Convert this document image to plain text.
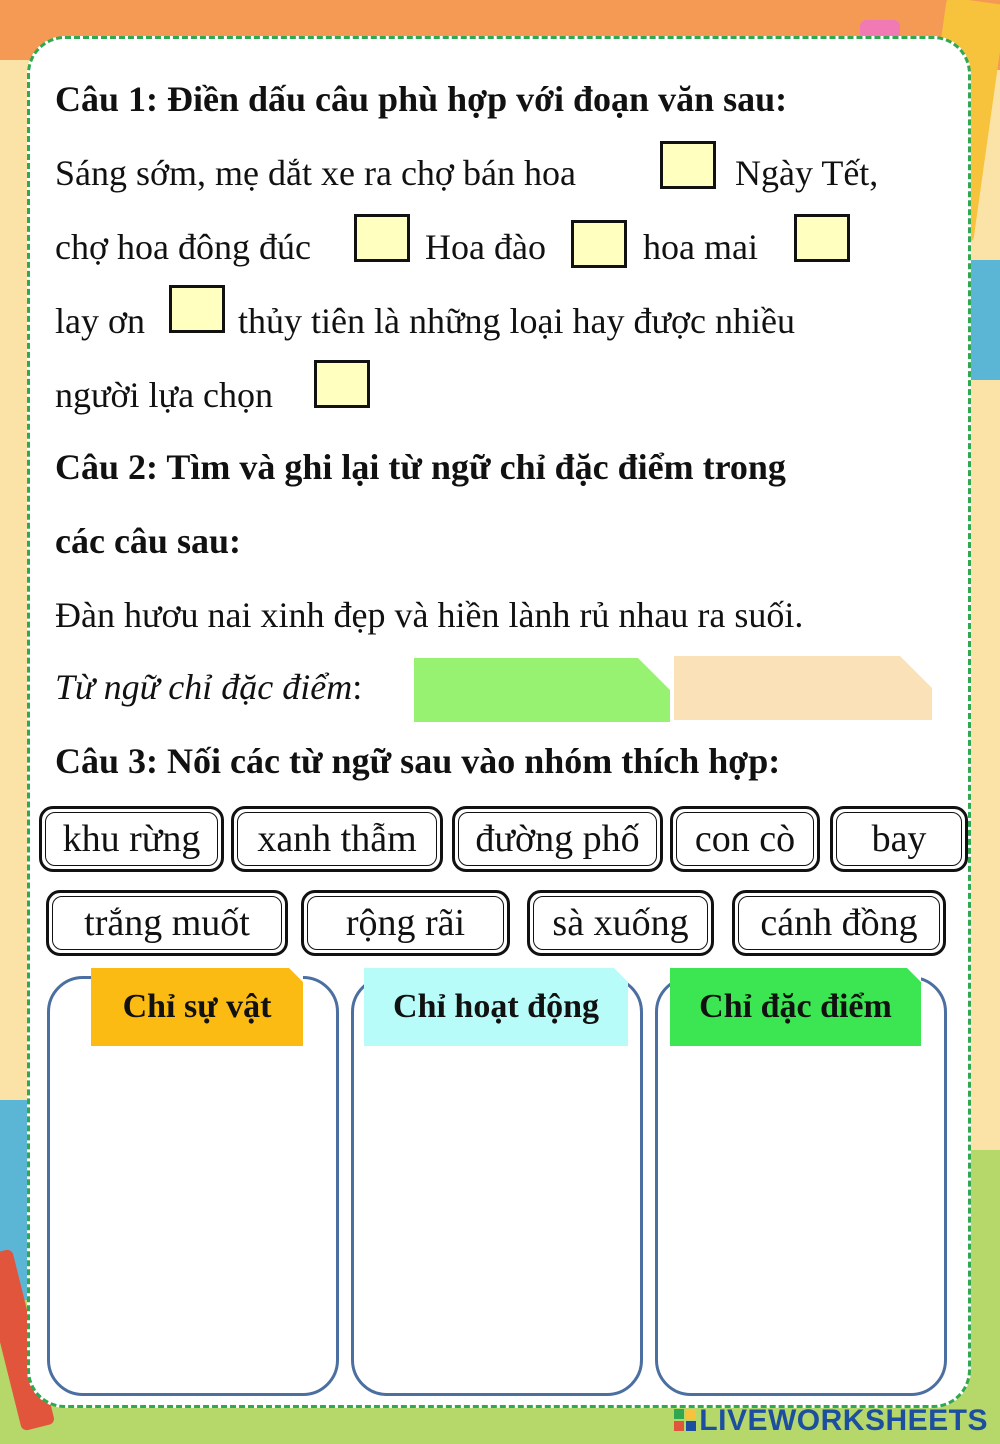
Câu 1: Điền dấu câu phù hợp với đoạn văn sau:
Sáng sớm, mẹ dắt xe ra chợ bán hoa	Ngày Tết,
chợ hoa đông đúc	Hoa đào	hoa mai
lay ơn	thủy tiên là những loại hay được nhiều
người lựa chọn
Câu 2: Tìm và ghi lại từ ngữ chỉ đặc điểm trong
các câu sau:
Đàn hươu nai xinh đẹp và hiền lành rủ nhau ra suối.
Từ ngữ chỉ đặc điểm:
Câu 3: Nối các từ ngữ sau vào nhóm thích hợp:
khu rừng	xanh thẫm	đường phố	con cò	bay
trắng muốt	rộng rãi	sà xuống	cánh đồng
Chỉ sự vật	Chỉ hoạt động	Chỉ đặc điểm
LIVEWORKSHEETS
